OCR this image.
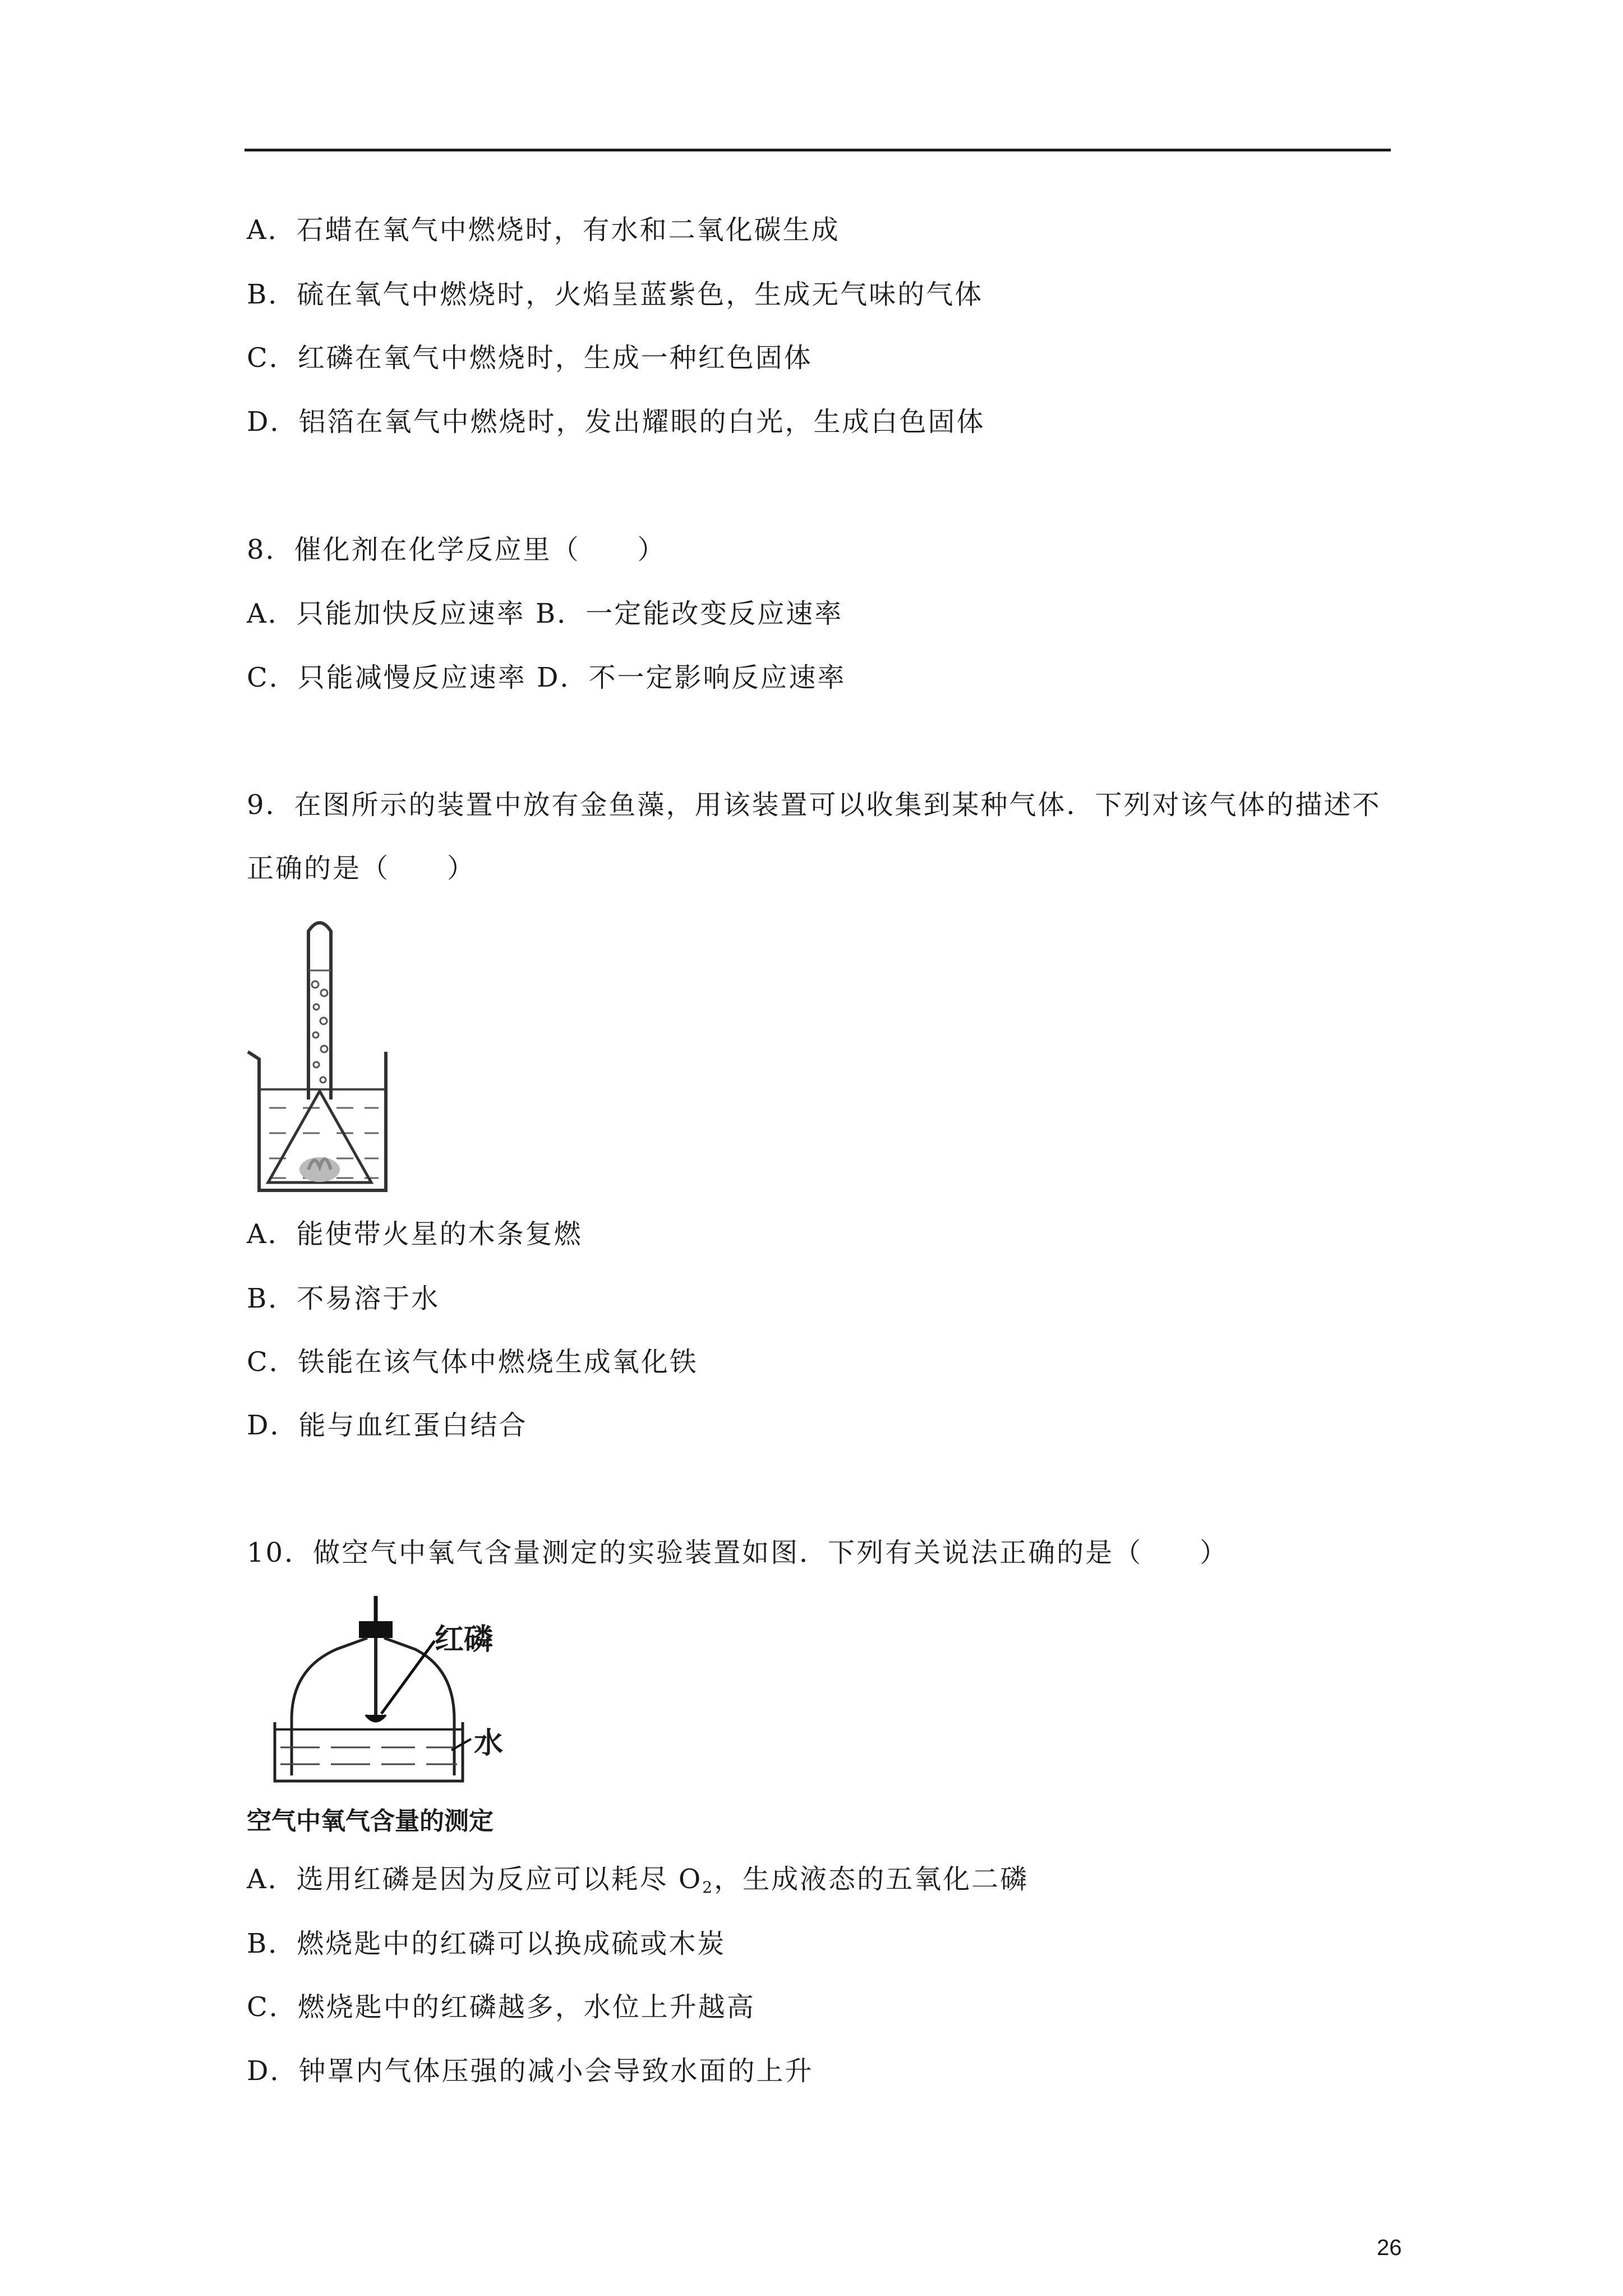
A．石蜡在氧气中燃烧时，有水和二氧化碳生成
B．硫在氧气中燃烧时，火焰呈蓝紫色，生成无气味的气体
C．红磷在氧气中燃烧时，生成一种红色固体
D．铝箔在氧气中燃烧时，发出耀眼的白光，生成白色固体
8．催化剂在化学反应里（　　）
A．只能加快反应速率 B．一定能改变反应速率
C．只能减慢反应速率 D．不一定影响反应速率
9．在图所示的装置中放有金鱼藻，用该装置可以收集到某种气体．下列对该气体的描述不
正确的是（　　）
A．能使带火星的木条复燃
B．不易溶于水
C．铁能在该气体中燃烧生成氧化铁
D．能与血红蛋白结合
10．做空气中氧气含量测定的实验装置如图．下列有关说法正确的是（　　）
红磷
水
空气中氧气含量的测定
A．选用红磷是因为反应可以耗尽 $O_2$，生成液态的五氧化二磷
B．燃烧匙中的红磷可以换成硫或木炭
C．燃烧匙中的红磷越多，水位上升越高
D．钟罩内气体压强的减小会导致水面的上升
26
